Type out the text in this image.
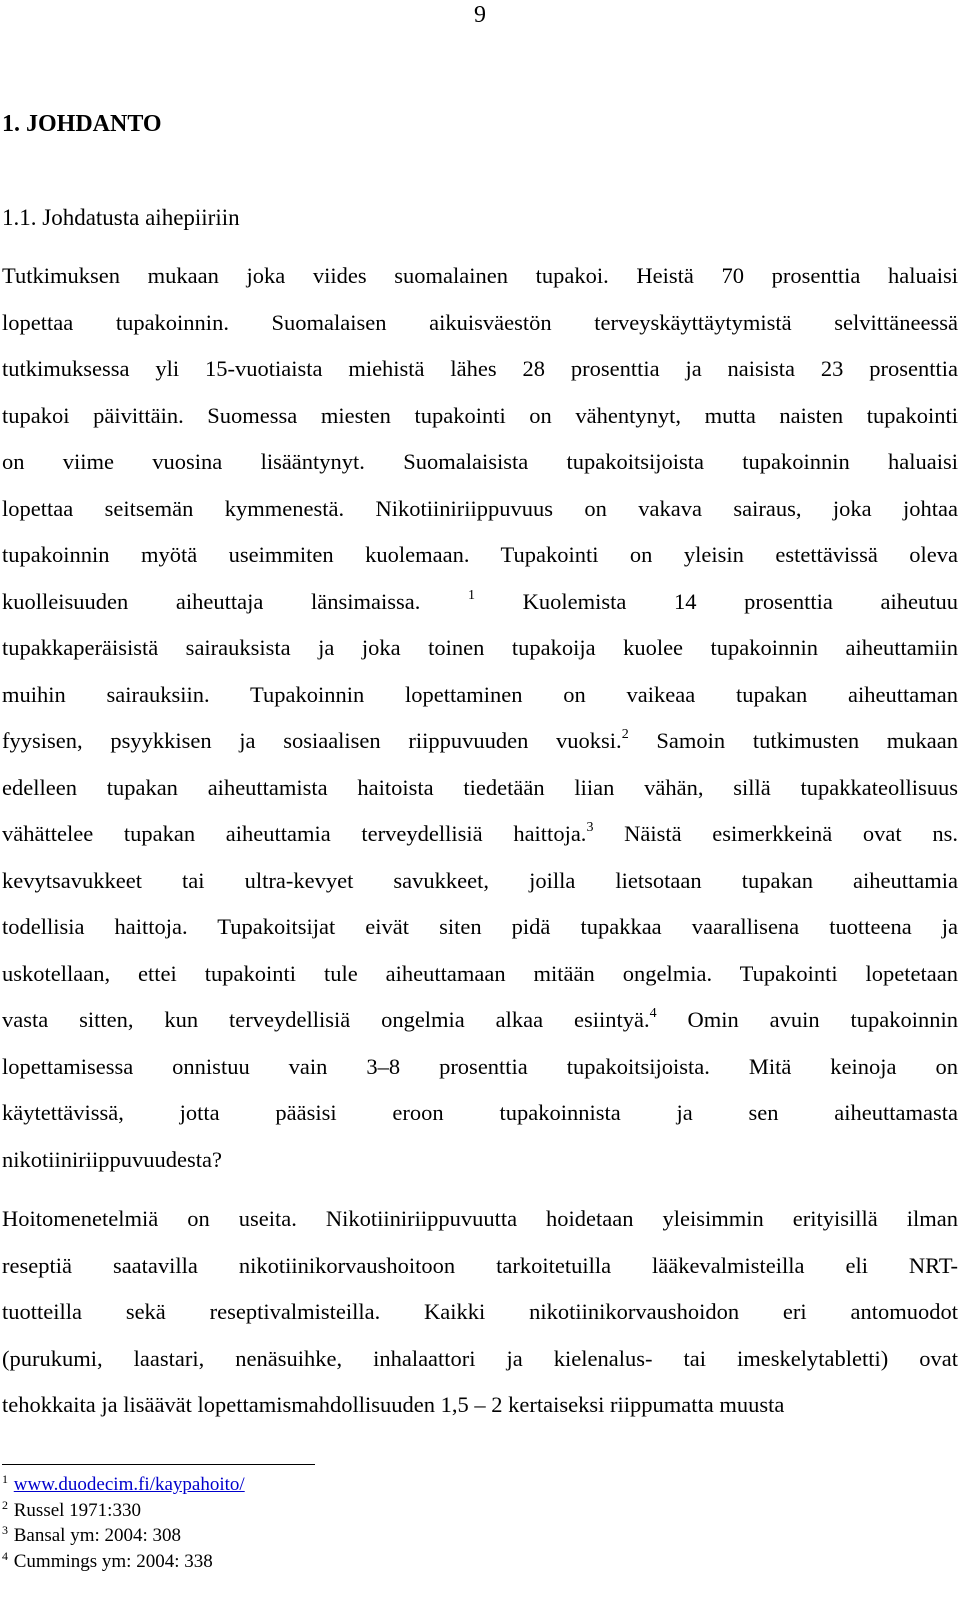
9
1. JOHDANTO
1.1. Johdatusta aihepiiriin
Tutkimuksen mukaan joka viides suomalainen tupakoi. Heistä 70 prosenttia haluaisi
lopettaa tupakoinnin. Suomalaisen aikuisväestön terveyskäyttäytymistä selvittäneessä
tutkimuksessa yli 15-vuotiaista miehistä lähes 28 prosenttia ja naisista 23 prosenttia
tupakoi päivittäin. Suomessa miesten tupakointi on vähentynyt, mutta naisten tupakointi
on viime vuosina lisääntynyt. Suomalaisista tupakoitsijoista tupakoinnin haluaisi
lopettaa seitsemän kymmenestä. Nikotiiniriippuvuus on vakava sairaus, joka johtaa
tupakoinnin myötä useimmiten kuolemaan. Tupakointi on yleisin estettävissä oleva
kuolleisuuden aiheuttaja länsimaissa. $^1$ Kuolemista 14 prosenttia aiheutuu
tupakkaperäisistä sairauksista ja joka toinen tupakoija kuolee tupakoinnin aiheuttamiin
muihin sairauksiin. Tupakoinnin lopettaminen on vaikeaa tupakan aiheuttaman
fyysisen, psyykkisen ja sosiaalisen riippuvuuden vuoksi.$^2$ Samoin tutkimusten mukaan
edelleen tupakan aiheuttamista haitoista tiedetään liian vähän, sillä tupakkateollisuus
vähättelee tupakan aiheuttamia terveydellisiä haittoja.$^3$ Näistä esimerkkeinä ovat ns.
kevytsavukkeet tai ultra-kevyet savukkeet, joilla lietsotaan tupakan aiheuttamia
todellisia haittoja. Tupakoitsijat eivät siten pidä tupakkaa vaarallisena tuotteena ja
uskotellaan, ettei tupakointi tule aiheuttamaan mitään ongelmia. Tupakointi lopetetaan
vasta sitten, kun terveydellisiä ongelmia alkaa esiintyä.$^4$ Omin avuin tupakoinnin
lopettamisessa onnistuu vain 3–8 prosenttia tupakoitsijoista. Mitä keinoja on
käytettävissä, jotta pääsisi eroon tupakoinnista ja sen aiheuttamasta
nikotiiniriippuvuudesta?
Hoitomenetelmiä on useita. Nikotiiniriippuvuutta hoidetaan yleisimmin erityisillä ilman
reseptiä saatavilla nikotiinikorvaushoitoon tarkoitetuilla lääkevalmisteilla eli NRT-
tuotteilla sekä reseptivalmisteilla. Kaikki nikotiinikorvaushoidon eri antomuodot
(purukumi, laastari, nenäsuihke, inhalaattori ja kielenalus- tai imeskelytabletti) ovat
tehokkaita ja lisäävät lopettamismahdollisuuden 1,5 – 2 kertaiseksi riippumatta muusta
$^1$ www.duodecim.fi/kaypahoito/
$^2$ Russel 1971:330
$^3$ Bansal ym: 2004: 308
$^4$ Cummings ym: 2004: 338
